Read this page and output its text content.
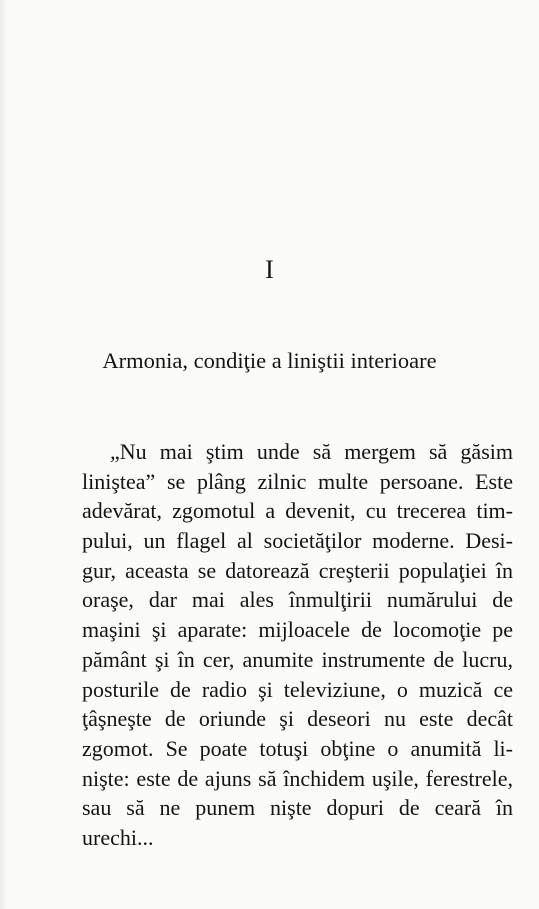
I
Armonia, condiţie a liniştii interioare
„Nu mai ştim unde să mergem să găsim
liniştea” se plâng zilnic multe persoane. Este
adevărat, zgomotul a devenit, cu trecerea tim-
pului, un flagel al societăţilor moderne. Desi-
gur, aceasta se datorează creşterii populaţiei în
oraşe, dar mai ales înmulţirii numărului de
maşini şi aparate: mijloacele de locomoţie pe
pământ şi în cer, anumite instrumente de lucru,
posturile de radio şi televiziune, o muzică ce
ţâşneşte de oriunde şi deseori nu este decât
zgomot. Se poate totuşi obţine o anumită li-
nişte: este de ajuns să închidem uşile, ferestrele,
sau să ne punem nişte dopuri de ceară în
urechi...
